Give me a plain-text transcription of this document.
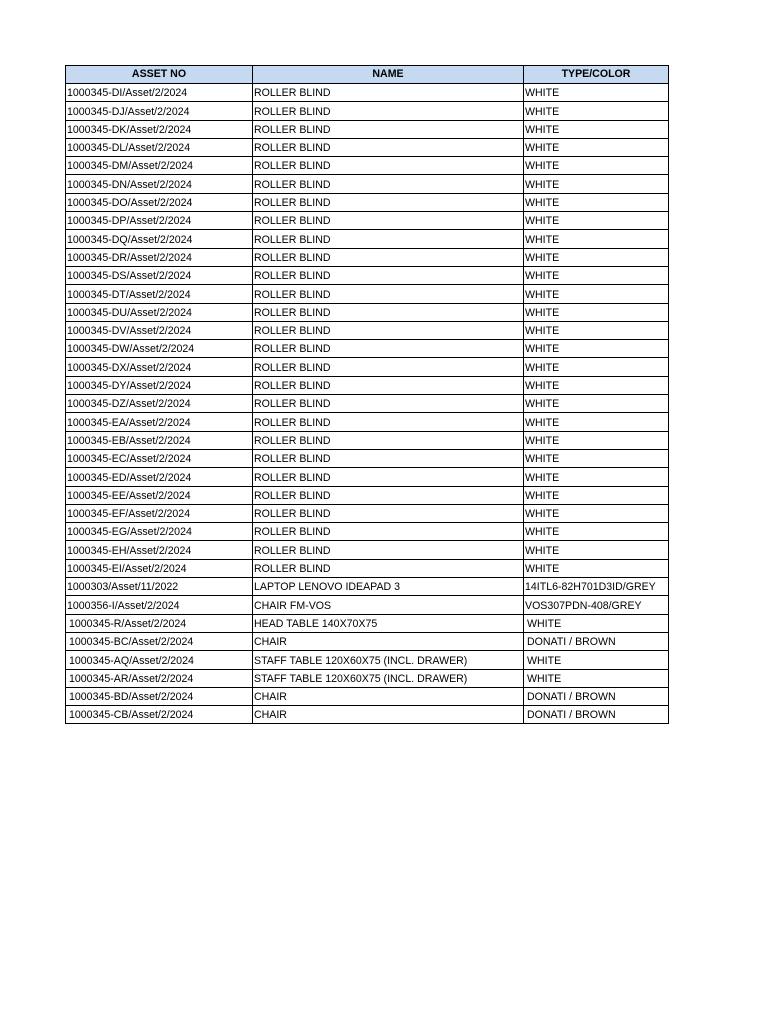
ASSET NO	NAME	TYPE/COLOR
1000345-DI/Asset/2/2024	ROLLER BLIND	WHITE
1000345-DJ/Asset/2/2024	ROLLER BLIND	WHITE
1000345-DK/Asset/2/2024	ROLLER BLIND	WHITE
1000345-DL/Asset/2/2024	ROLLER BLIND	WHITE
1000345-DM/Asset/2/2024	ROLLER BLIND	WHITE
1000345-DN/Asset/2/2024	ROLLER BLIND	WHITE
1000345-DO/Asset/2/2024	ROLLER BLIND	WHITE
1000345-DP/Asset/2/2024	ROLLER BLIND	WHITE
1000345-DQ/Asset/2/2024	ROLLER BLIND	WHITE
1000345-DR/Asset/2/2024	ROLLER BLIND	WHITE
1000345-DS/Asset/2/2024	ROLLER BLIND	WHITE
1000345-DT/Asset/2/2024	ROLLER BLIND	WHITE
1000345-DU/Asset/2/2024	ROLLER BLIND	WHITE
1000345-DV/Asset/2/2024	ROLLER BLIND	WHITE
1000345-DW/Asset/2/2024	ROLLER BLIND	WHITE
1000345-DX/Asset/2/2024	ROLLER BLIND	WHITE
1000345-DY/Asset/2/2024	ROLLER BLIND	WHITE
1000345-DZ/Asset/2/2024	ROLLER BLIND	WHITE
1000345-EA/Asset/2/2024	ROLLER BLIND	WHITE
1000345-EB/Asset/2/2024	ROLLER BLIND	WHITE
1000345-EC/Asset/2/2024	ROLLER BLIND	WHITE
1000345-ED/Asset/2/2024	ROLLER BLIND	WHITE
1000345-EE/Asset/2/2024	ROLLER BLIND	WHITE
1000345-EF/Asset/2/2024	ROLLER BLIND	WHITE
1000345-EG/Asset/2/2024	ROLLER BLIND	WHITE
1000345-EH/Asset/2/2024	ROLLER BLIND	WHITE
1000345-EI/Asset/2/2024	ROLLER BLIND	WHITE
1000303/Asset/11/2022	LAPTOP LENOVO IDEAPAD 3	14ITL6-82H701D3ID/GREY
1000356-I/Asset/2/2024	CHAIR FM-VOS	VOS307PDN-408/GREY
1000345-R/Asset/2/2024	HEAD TABLE 140X70X75	WHITE
1000345-BC/Asset/2/2024	CHAIR	DONATI / BROWN
1000345-AQ/Asset/2/2024	STAFF TABLE 120X60X75 (INCL. DRAWER)	WHITE
1000345-AR/Asset/2/2024	STAFF TABLE 120X60X75 (INCL. DRAWER)	WHITE
1000345-BD/Asset/2/2024	CHAIR	DONATI / BROWN
1000345-CB/Asset/2/2024	CHAIR	DONATI / BROWN
